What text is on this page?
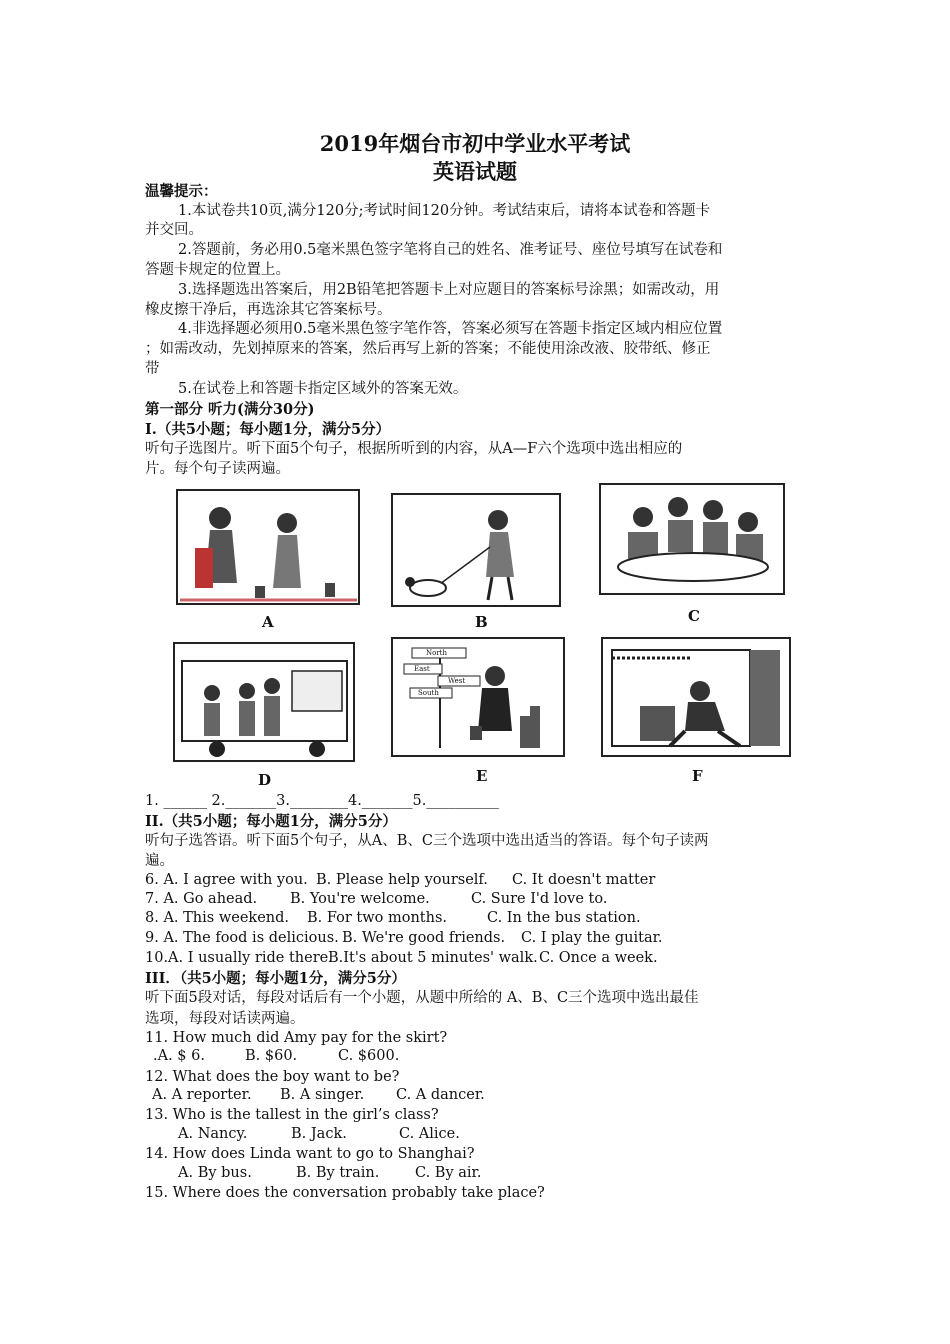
2019年烟台市初中学业水平考试
英语试题
温馨提示：
1.本试卷共10页,满分120分;考试时间120分钟。考试结束后，请将本试卷和答题卡
并交回。
2.答题前，务必用0.5毫米黑色签字笔将自己的姓名、准考证号、座位号填写在试卷和
答题卡规定的位置上。
3.选择题选出答案后，用2B铅笔把答题卡上对应题目的答案标号涂黑；如需改动，用
橡皮擦干净后，再选涂其它答案标号。
4.非选择题必须用0.5毫米黑色签字笔作答，答案必须写在答题卡指定区域内相应位置
；如需改动，先划掉原来的答案，然后再写上新的答案；不能使用涂改液、胶带纸、修正
带
5.在试卷上和答题卡指定区域外的答案无效。
第一部分 听力(满分30分)
I.（共5小题；每小题1分，满分5分）
听句子选图片。听下面5个句子，根据所听到的内容，从A—F六个选项中选出相应的
片。每个句子读两遍。
A	B	C
D
North
East
West
South
E	F
1. ______ 2._______3.________4._______5.__________
II.（共5小题；每小题1分，满分5分）
听句子选答语。听下面5个句子，从A、B、C三个选项中选出适当的答语。每个句子读两
遍。
6. A. I agree with you. B. Please help yourself. C. It doesn't matter
7. A. Go ahead. B. You're welcome.	C. Sure I'd love to.
8. A. This weekend. B. For two months.	C. In the bus station.
9. A. The food is delicious. B. We're good friends. C. I play the guitar.
10.A. I usually ride there.
B.It's about 5 minutes' walk. C. Once a week.
III．（共5小题；每小题1分，满分5分）
听下面5段对话，每段对话后有一个小题，从题中所给的 A、B、C三个选项中选出最佳
选项，每段对话读两遍。
11. How much did Amy pay for the skirt?
.A. $ 6.	B. $60.	C. $600.
12. What does the boy want to be?
A. A reporter. B. A singer. C. A dancer.
13. Who is the tallest in the girl’s class?
A. Nancy.	B. Jack.	C. Alice.
14. How does Linda want to go to Shanghai?
A. By bus.	B. By train. C. By air.
15. Where does the conversation probably take place?
